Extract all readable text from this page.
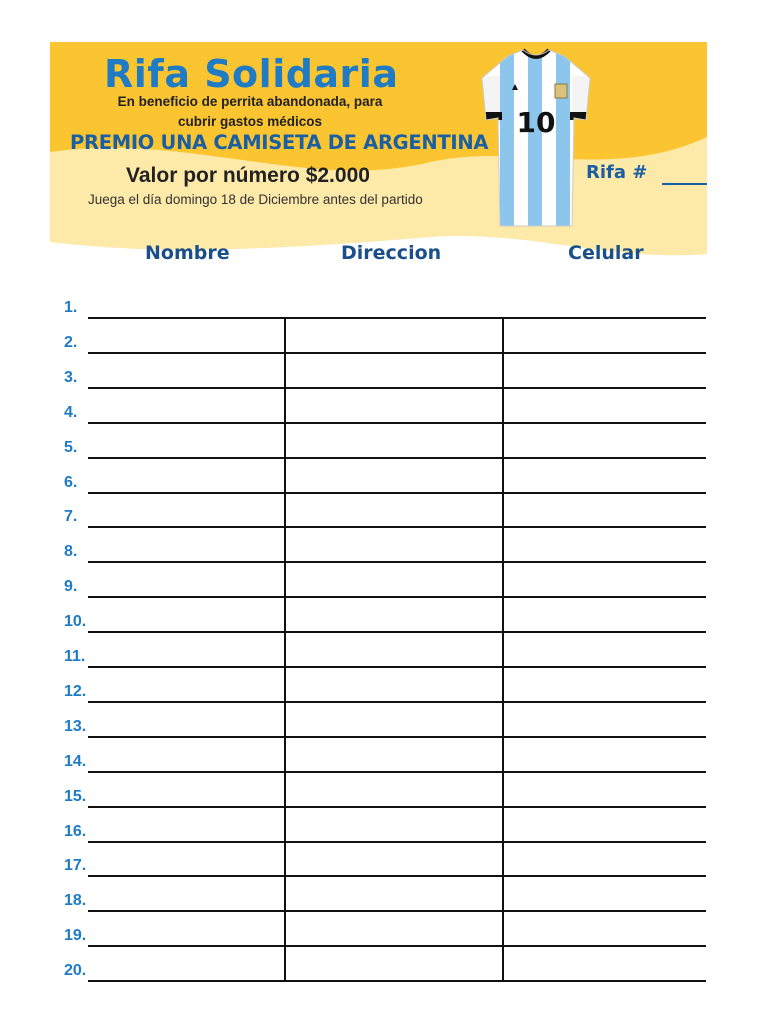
Rifa Solidaria
En beneficio de perrita abandonada, para
cubrir gastos médicos
PREMIO UNA CAMISETA DE ARGENTINA
Valor por número $2.000
Juega el día domingo 18 de Diciembre antes del partido
10
Rifa #
Nombre	Direccion	Celular
1.
2.
3.
4.
5.
6.
7.
8.
9.
10.
11.
12.
13.
14.
15.
16.
17.
18.
19.
20.
